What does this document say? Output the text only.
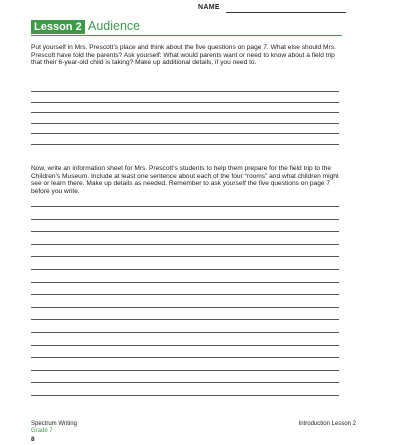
NAME
Lesson 2 Audience

Put yourself in Mrs. Prescott’s place and think about the five questions on page 7. What else should Mrs. Prescott have told the parents? Ask yourself: What would parents want or need to know about a field trip that their 6-year-old child is taking? Make up additional details, if you need to.

Now, write an information sheet for Mrs. Prescott’s students to help them prepare for the field trip to the Children’s Museum. Include at least one sentence about each of the four “rooms” and what children might see or learn there. Make up details as needed. Remember to ask yourself the five questions on page 7 before you write.

Spectrum Writing
Grade 7
8
Introduction Lesson 2
